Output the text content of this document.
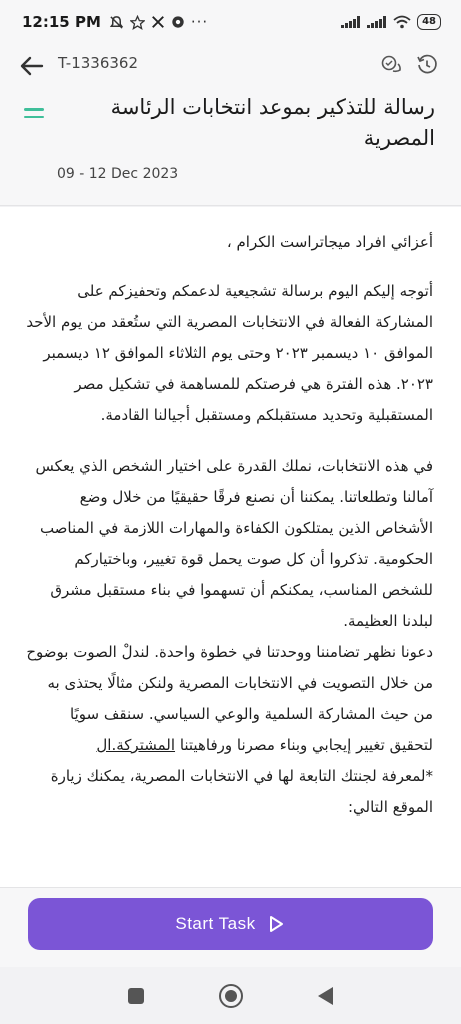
12:15 PM	···	48
T-1336362
رسالة للتذكير بموعد انتخابات الرئاسة المصرية
09 - 12 Dec 2023

أعزائي افراد ميجاتراست الكرام ،

أتوجه إليكم اليوم برسالة تشجيعية لدعمكم وتحفيزكم على المشاركة الفعالة في الانتخابات المصرية التي ستُعقد من يوم الأحد الموافق ١٠ ديسمبر ٢٠٢٣ وحتى يوم الثلاثاء الموافق ١٢ ديسمبر ٢٠٢٣. هذه الفترة هي فرصتكم للمساهمة في تشكيل مصر المستقبلية وتحديد مستقبلكم ومستقبل أجيالنا القادمة.

في هذه الانتخابات، نملك القدرة على اختيار الشخص الذي يعكس آمالنا وتطلعاتنا. يمكننا أن نصنع فرقًا حقيقيًا من خلال وضع الأشخاص الذين يمتلكون الكفاءة والمهارات اللازمة في المناصب الحكومية. تذكروا أن كل صوت يحمل قوة تغيير، وباختياركم للشخص المناسب، يمكنكم أن تسهموا في بناء مستقبل مشرق لبلدنا العظيمة.

دعونا نظهر تضامننا ووحدتنا في خطوة واحدة. لندلْ الصوت بوضوح من خلال التصويت في الانتخابات المصرية ولنكن مثالًا يحتذى به من حيث المشاركة السلمية والوعي السياسي. سنقف سويًا لتحقيق تغيير إيجابي وبناء مصرنا ورفاهيتنا المشتركة.ال

*لمعرفة لجنتك التابعة لها في الانتخابات المصرية، يمكنك زيارة الموقع التالي:

Start Task
